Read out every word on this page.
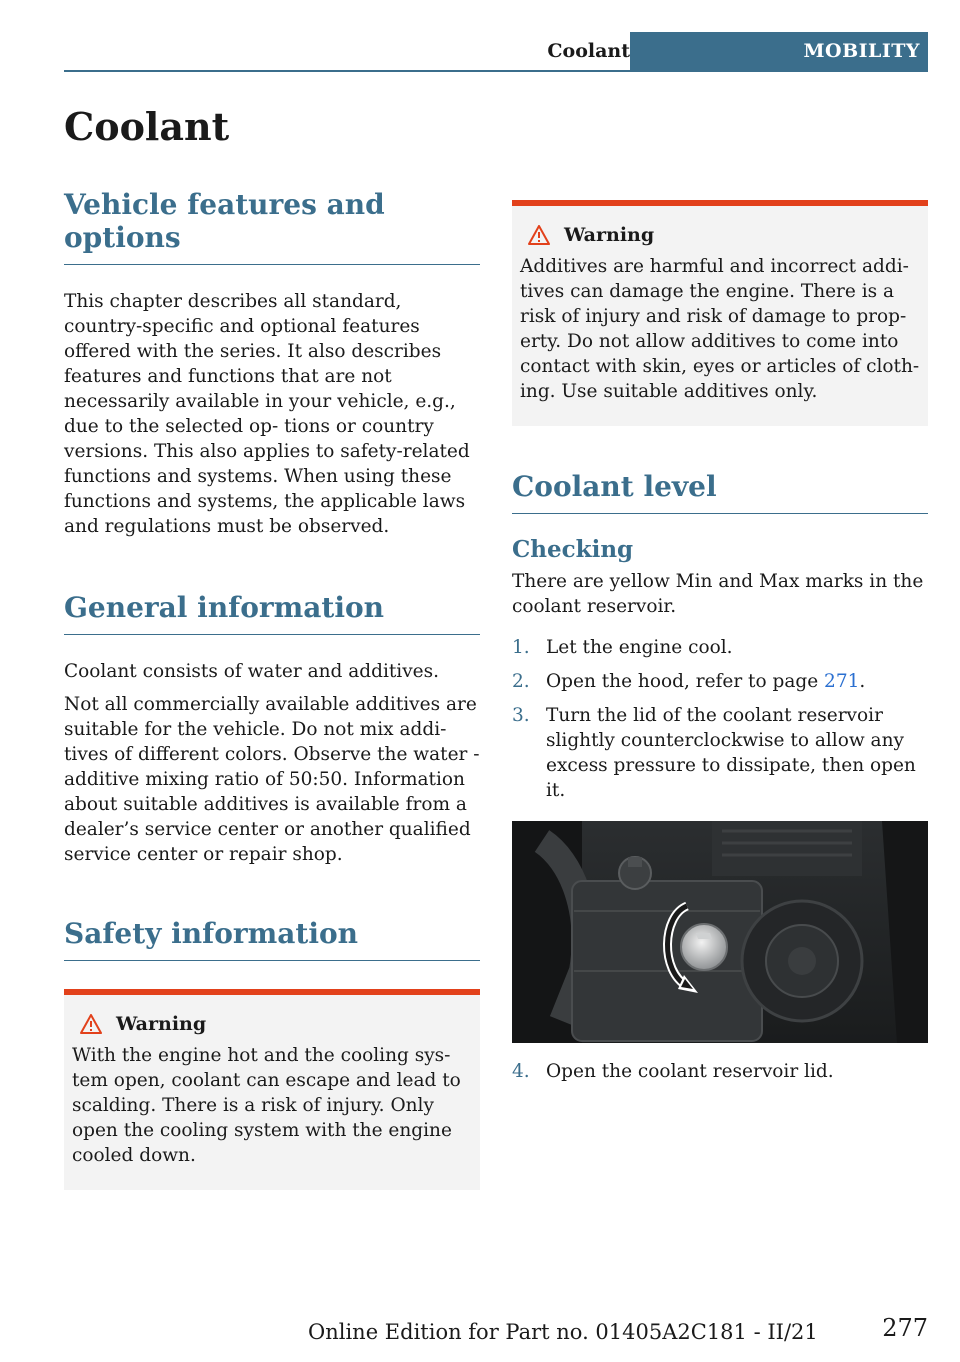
Coolant	MOBILITY
Coolant
Vehicle features and options

This chapter describes all standard, country-specific and optional features offered with the series. It also describes features and functions that are not necessarily available in your vehicle, e.g., due to the selected op- tions or country versions. This also applies to safety-related functions and systems. When using these functions and systems, the applicable laws and regulations must be observed.

General information

Coolant consists of water and additives.

Not all commercially available additives are suitable for the vehicle. Do not mix addi- tives of different colors. Observe the water - additive mixing ratio of 50:50. Information about suitable additives is available from a dealer’s service center or another qualified service center or repair shop.

Safety information
Warning

With the engine hot and the cooling sys- tem open, coolant can escape and lead to scalding. There is a risk of injury. Only open the cooling system with the engine cooled down.

Warning

Additives are harmful and incorrect addi- tives can damage the engine. There is a risk of injury and risk of damage to prop- erty. Do not allow additives to come into contact with skin, eyes or articles of cloth- ing. Use suitable additives only.

Coolant level
Checking

There are yellow Min and Max marks in the coolant reservoir.

1. Let the engine cool.
2. Open the hood, refer to page 271.
3. Turn the lid of the coolant reservoir slightly counterclockwise to allow any excess pressure to dissipate, then open it.
4. Open the coolant reservoir lid.
Online Edition for Part no. 01405A2C181 - II/21	277
